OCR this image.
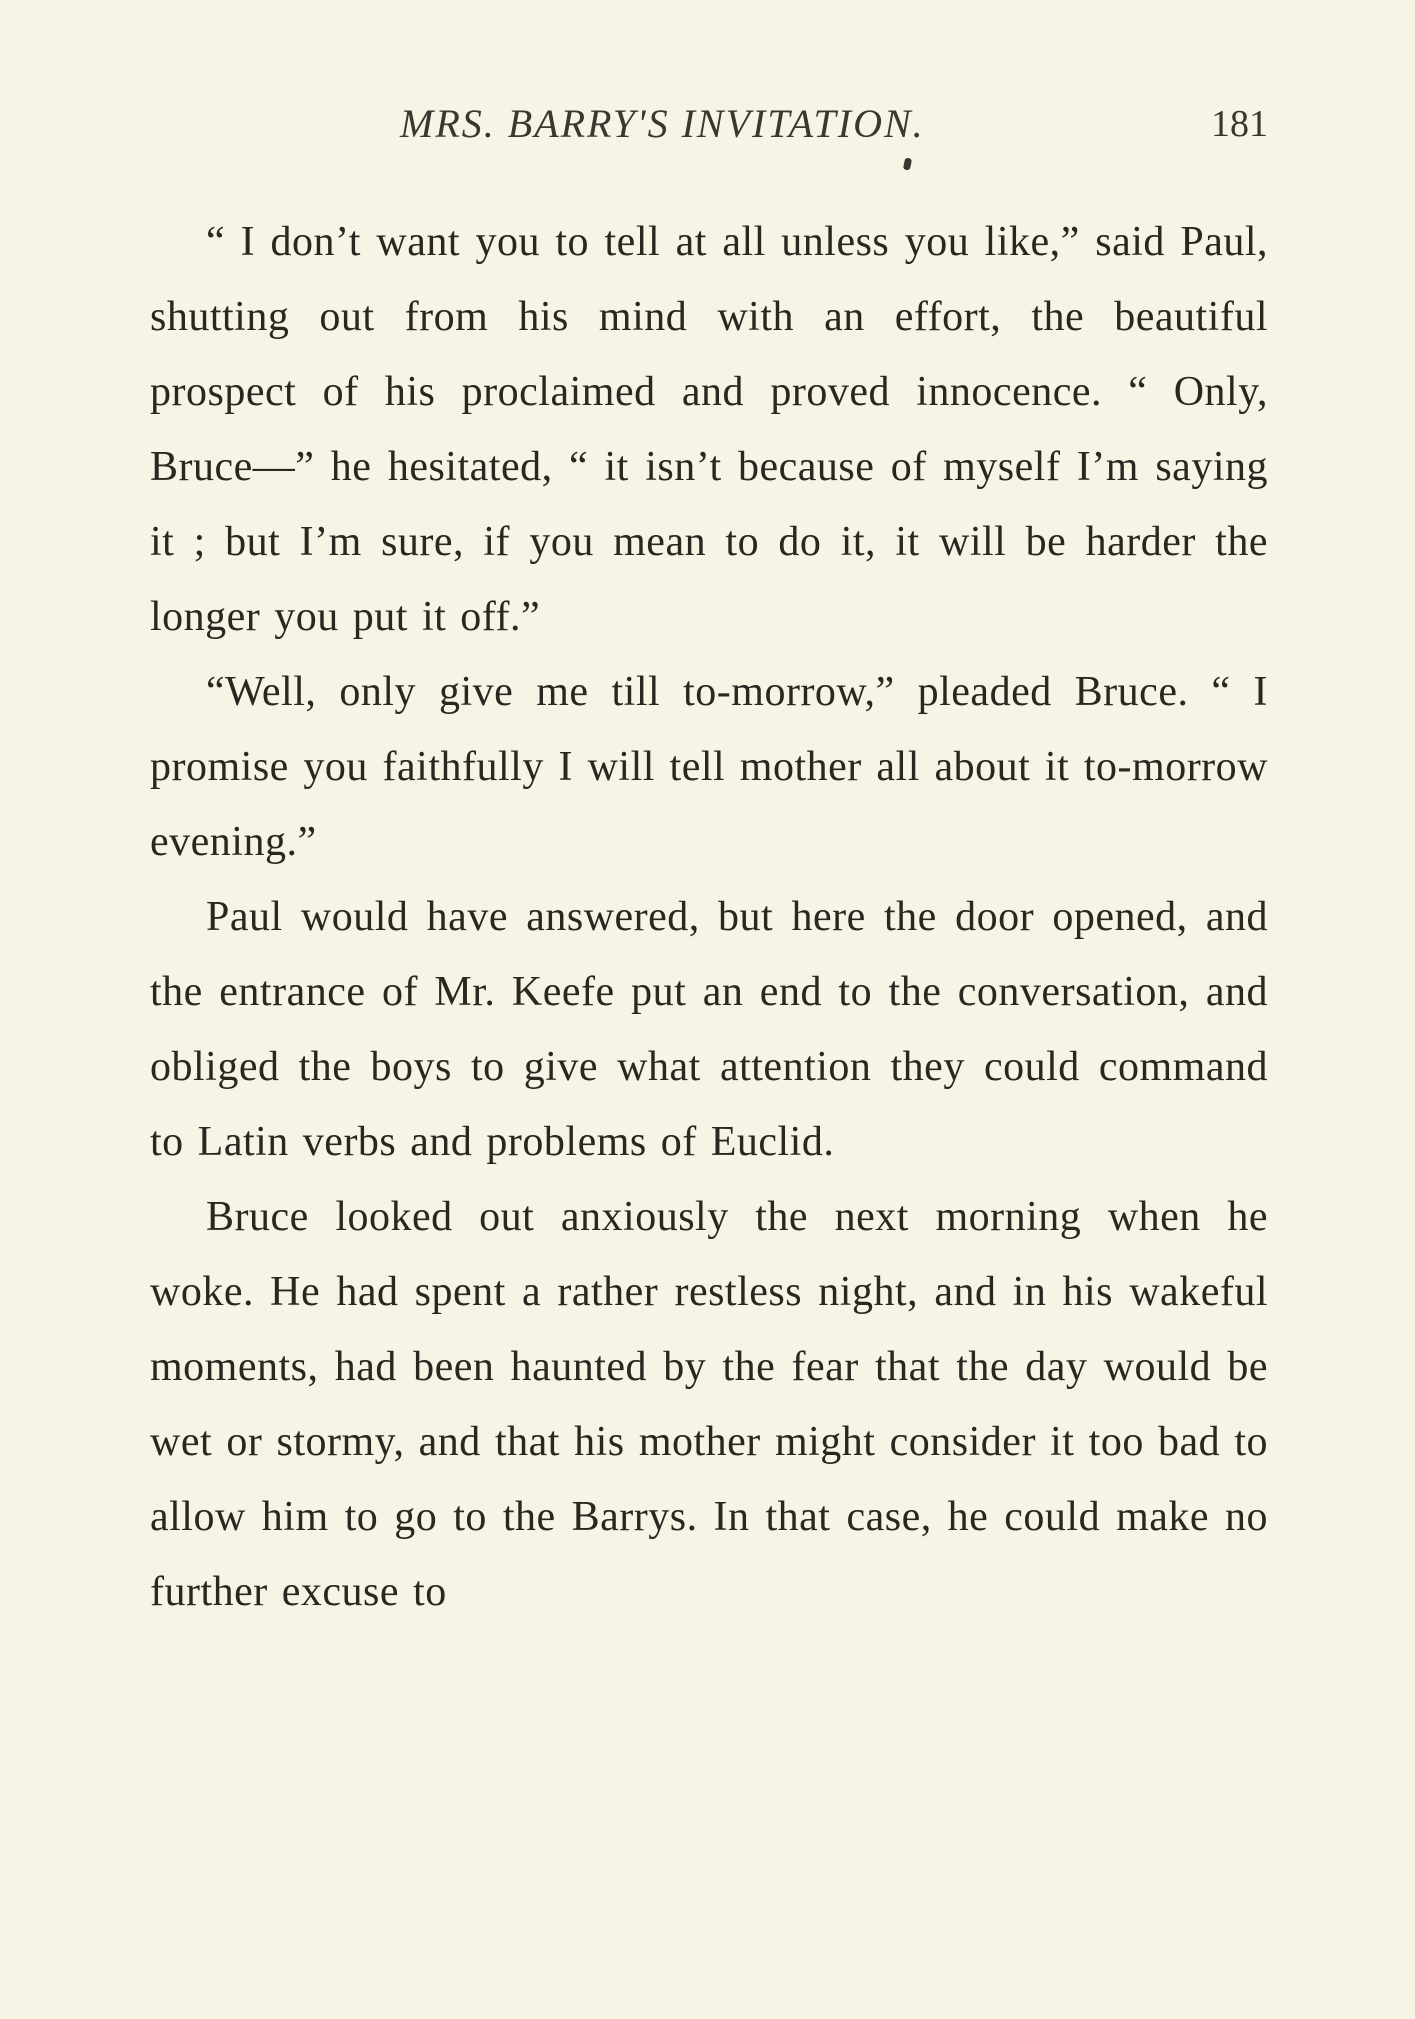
MRS. BARRY'S INVITATION.	181

“ I don’t want you to tell at all unless you like,” said Paul, shutting out from his mind with an effort, the beautiful prospect of his proclaimed and proved innocence. “ Only, Bruce—” he hesitated, “ it isn’t because of myself I’m saying it ; but I’m sure, if you mean to do it, it will be harder the longer you put it off.”

“Well, only give me till to-morrow,” pleaded Bruce. “ I promise you faithfully I will tell mother all about it to-morrow evening.”

Paul would have answered, but here the door opened, and the entrance of Mr. Keefe put an end to the conversation, and obliged the boys to give what attention they could command to Latin verbs and problems of Euclid.

Bruce looked out anxiously the next morning when he woke. He had spent a rather restless night, and in his wakeful moments, had been haunted by the fear that the day would be wet or stormy, and that his mother might consider it too bad to allow him to go to the Barrys. In that case, he could make no further excuse to
